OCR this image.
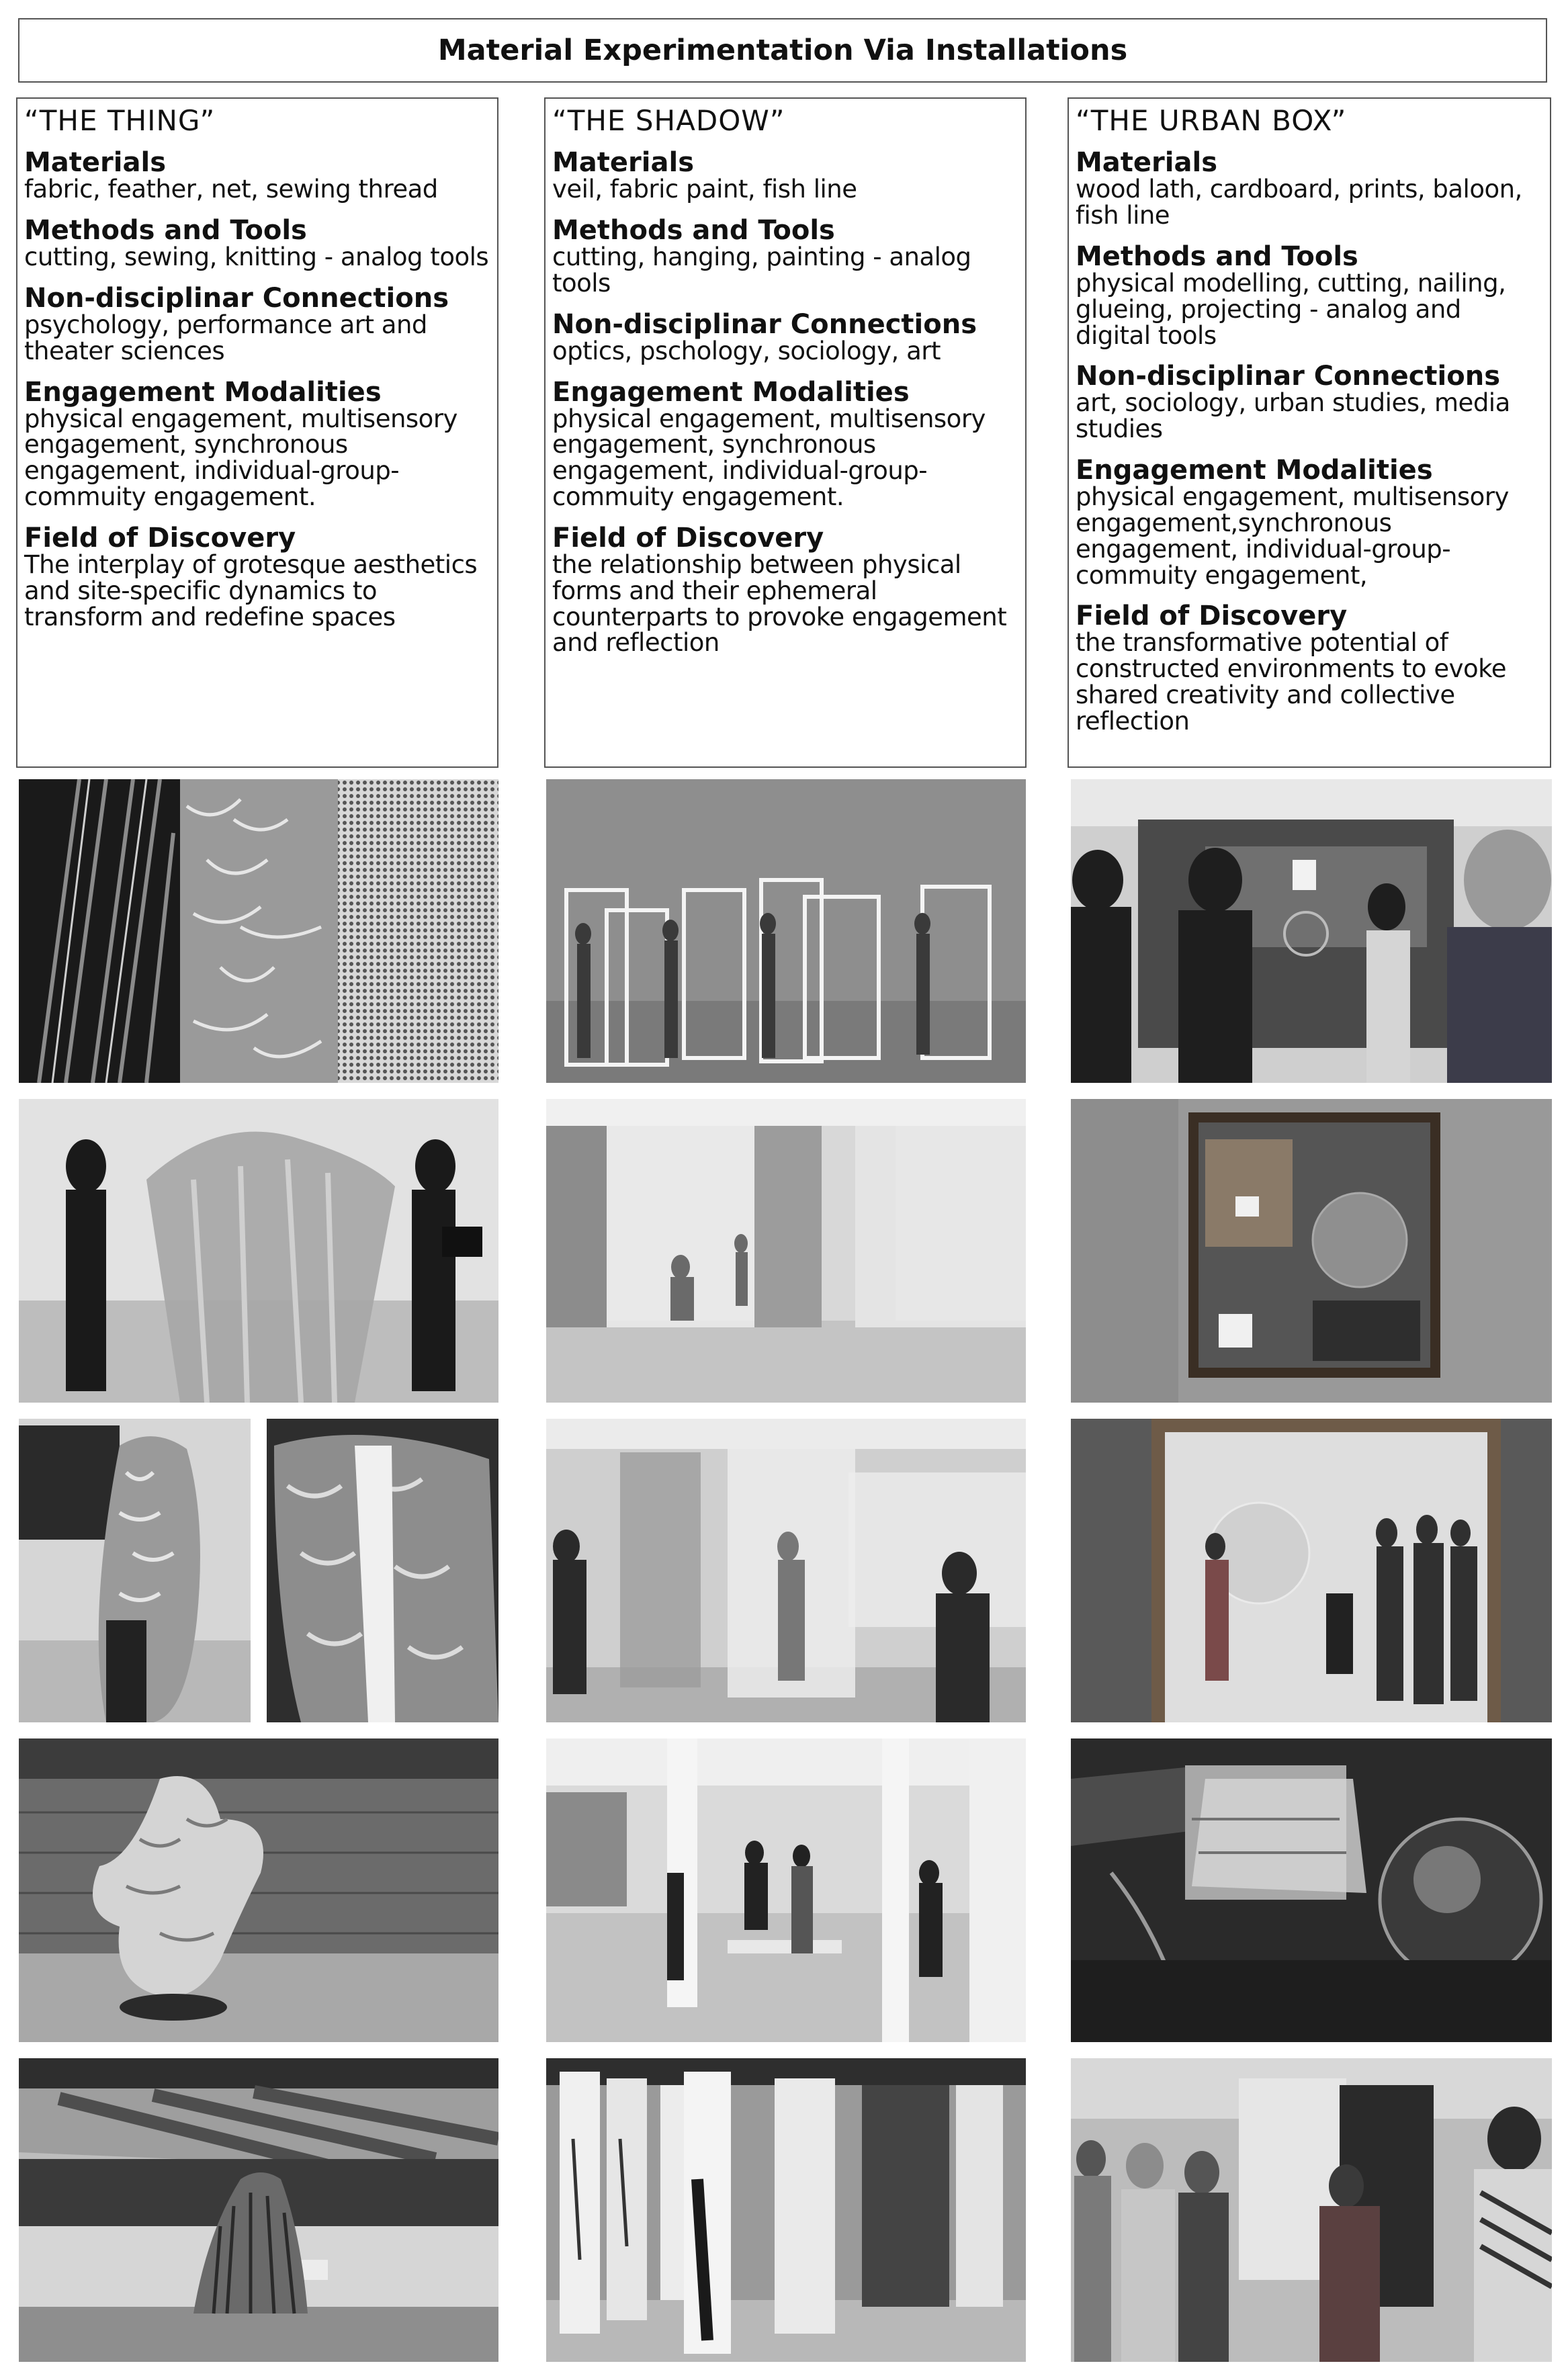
Material Experimentation Via Installations
“THE THING”
Materials

fabric, feather, net, sewing thread

Methods and Tools

cutting, sewing, knitting - analog tools

Non-disciplinar Connections

psychology, performance art and theater sciences

Engagement Modalities

physical engagement, multisensory engagement, synchronous engagement, individual-group-commuity engagement.

Field of Discovery

The interplay of grotesque aesthetics and site-specific dynamics to transform and redefine spaces

“THE SHADOW”
Materials

veil, fabric paint, fish line

Methods and Tools

cutting, hanging, painting - analog tools

Non-disciplinar Connections

optics, pschology, sociology, art

Engagement Modalities

physical engagement, multisensory engagement, synchronous engagement, individual-group-commuity engagement.

Field of Discovery

the relationship between physical forms and their ephemeral counterparts to provoke engagement and reflection

“THE URBAN BOX”
Materials

wood lath, cardboard, prints, baloon, fish line

Methods and Tools

physical modelling, cutting, nailing, glueing, projecting - analog and digital tools

Non-disciplinar Connections

art, sociology, urban studies, media studies

Engagement Modalities

physical engagement, multisensory engagement,synchronous engagement, individual-group-commuity engagement,

Field of Discovery

the transformative potential of constructed environments to evoke shared creativity and collective reflection
